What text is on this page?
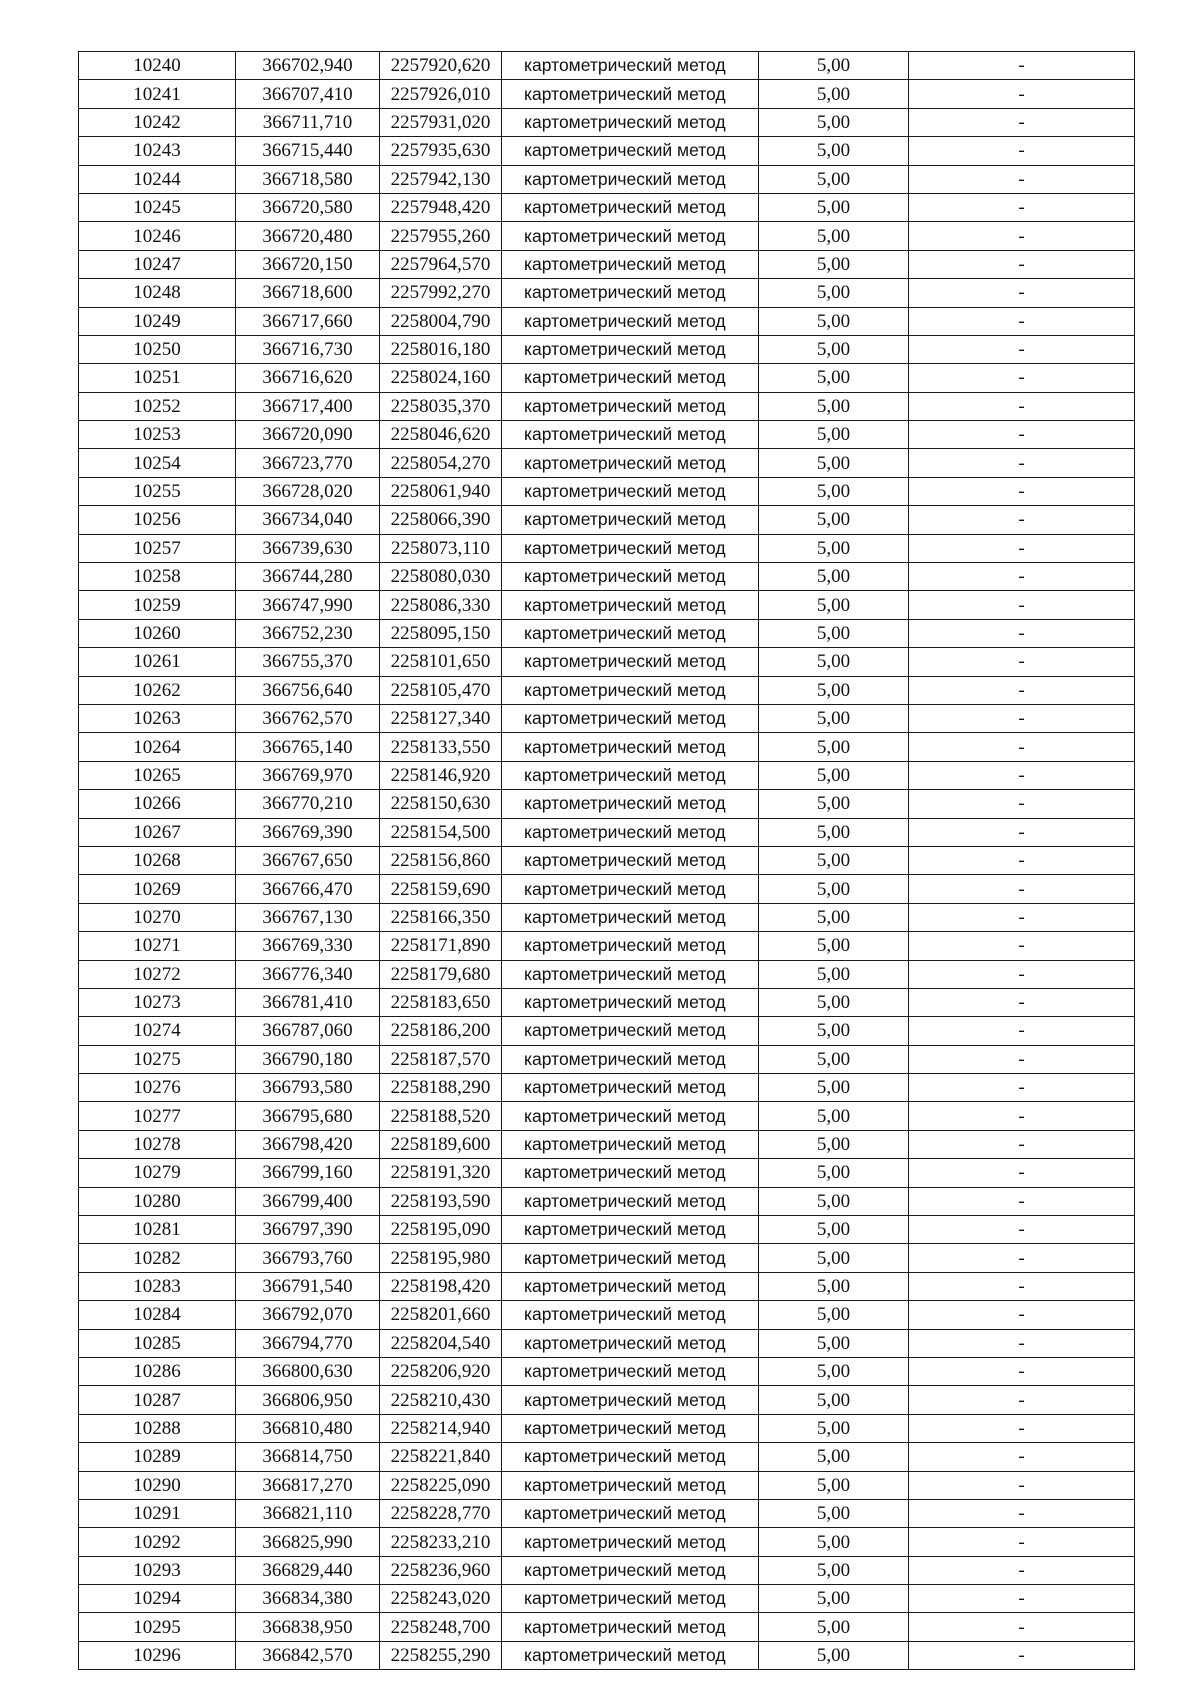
10240	366702,940	2257920,620	картометрический метод	5,00	-
10241	366707,410	2257926,010	картометрический метод	5,00	-
10242	366711,710	2257931,020	картометрический метод	5,00	-
10243	366715,440	2257935,630	картометрический метод	5,00	-
10244	366718,580	2257942,130	картометрический метод	5,00	-
10245	366720,580	2257948,420	картометрический метод	5,00	-
10246	366720,480	2257955,260	картометрический метод	5,00	-
10247	366720,150	2257964,570	картометрический метод	5,00	-
10248	366718,600	2257992,270	картометрический метод	5,00	-
10249	366717,660	2258004,790	картометрический метод	5,00	-
10250	366716,730	2258016,180	картометрический метод	5,00	-
10251	366716,620	2258024,160	картометрический метод	5,00	-
10252	366717,400	2258035,370	картометрический метод	5,00	-
10253	366720,090	2258046,620	картометрический метод	5,00	-
10254	366723,770	2258054,270	картометрический метод	5,00	-
10255	366728,020	2258061,940	картометрический метод	5,00	-
10256	366734,040	2258066,390	картометрический метод	5,00	-
10257	366739,630	2258073,110	картометрический метод	5,00	-
10258	366744,280	2258080,030	картометрический метод	5,00	-
10259	366747,990	2258086,330	картометрический метод	5,00	-
10260	366752,230	2258095,150	картометрический метод	5,00	-
10261	366755,370	2258101,650	картометрический метод	5,00	-
10262	366756,640	2258105,470	картометрический метод	5,00	-
10263	366762,570	2258127,340	картометрический метод	5,00	-
10264	366765,140	2258133,550	картометрический метод	5,00	-
10265	366769,970	2258146,920	картометрический метод	5,00	-
10266	366770,210	2258150,630	картометрический метод	5,00	-
10267	366769,390	2258154,500	картометрический метод	5,00	-
10268	366767,650	2258156,860	картометрический метод	5,00	-
10269	366766,470	2258159,690	картометрический метод	5,00	-
10270	366767,130	2258166,350	картометрический метод	5,00	-
10271	366769,330	2258171,890	картометрический метод	5,00	-
10272	366776,340	2258179,680	картометрический метод	5,00	-
10273	366781,410	2258183,650	картометрический метод	5,00	-
10274	366787,060	2258186,200	картометрический метод	5,00	-
10275	366790,180	2258187,570	картометрический метод	5,00	-
10276	366793,580	2258188,290	картометрический метод	5,00	-
10277	366795,680	2258188,520	картометрический метод	5,00	-
10278	366798,420	2258189,600	картометрический метод	5,00	-
10279	366799,160	2258191,320	картометрический метод	5,00	-
10280	366799,400	2258193,590	картометрический метод	5,00	-
10281	366797,390	2258195,090	картометрический метод	5,00	-
10282	366793,760	2258195,980	картометрический метод	5,00	-
10283	366791,540	2258198,420	картометрический метод	5,00	-
10284	366792,070	2258201,660	картометрический метод	5,00	-
10285	366794,770	2258204,540	картометрический метод	5,00	-
10286	366800,630	2258206,920	картометрический метод	5,00	-
10287	366806,950	2258210,430	картометрический метод	5,00	-
10288	366810,480	2258214,940	картометрический метод	5,00	-
10289	366814,750	2258221,840	картометрический метод	5,00	-
10290	366817,270	2258225,090	картометрический метод	5,00	-
10291	366821,110	2258228,770	картометрический метод	5,00	-
10292	366825,990	2258233,210	картометрический метод	5,00	-
10293	366829,440	2258236,960	картометрический метод	5,00	-
10294	366834,380	2258243,020	картометрический метод	5,00	-
10295	366838,950	2258248,700	картометрический метод	5,00	-
10296	366842,570	2258255,290	картометрический метод	5,00	-
